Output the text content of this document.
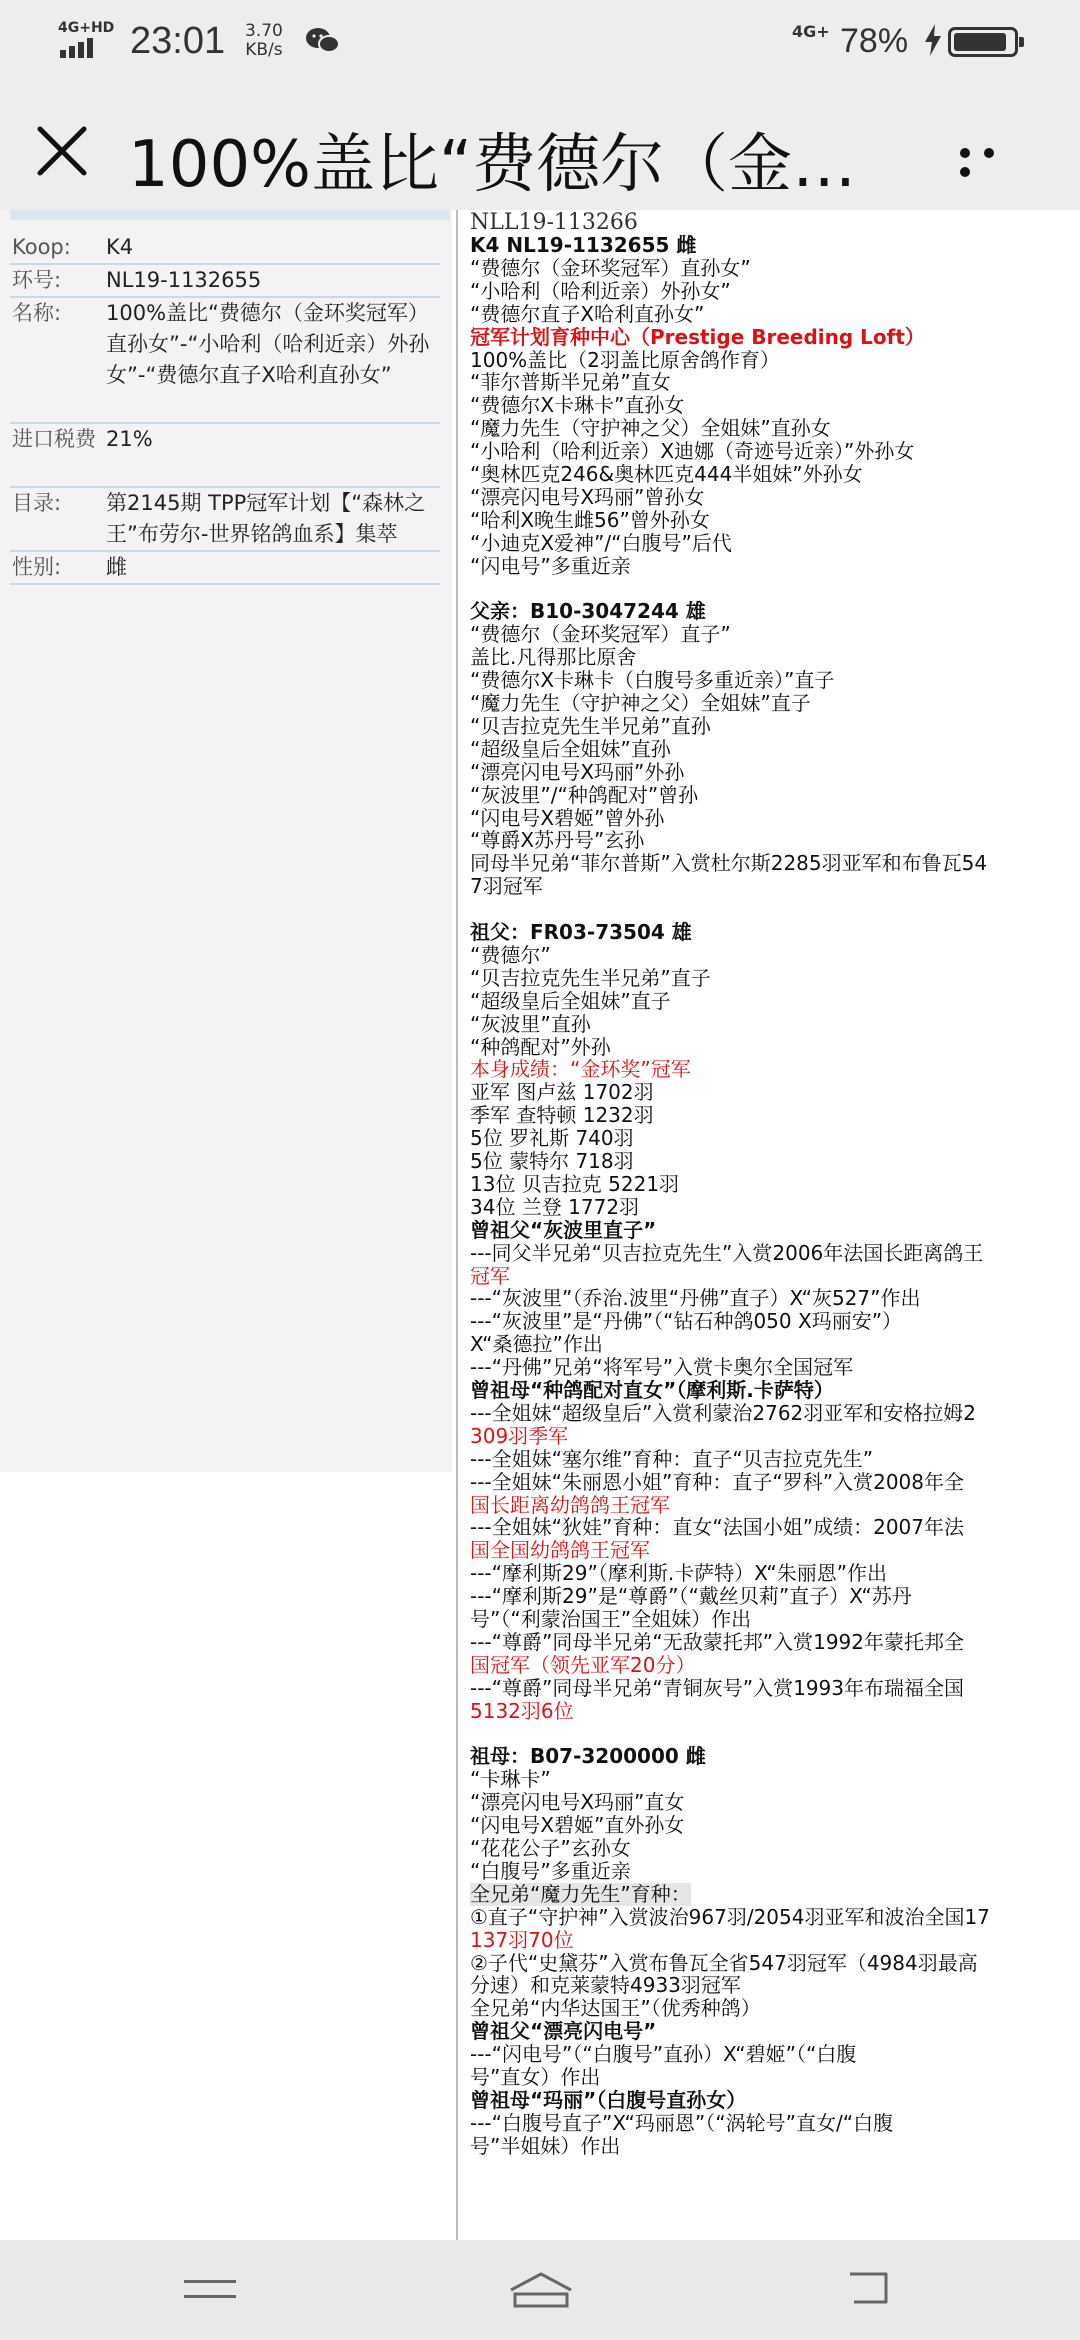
4G+HD 23:01 3.70
KB/s
4G+ 78%
100%盖比“费德尔（金…
Koop:	K4
环号:	NL19-1132655
名称:	100%盖比“费德尔（金环奖冠军）直孙女”-“小哈利（哈利近亲）外孙女”-“费德尔直子X哈利直孙女”
进口税费 21%
目录:	第2145期 TPP冠军计划【“森林之王”布劳尔-世界铭鸽血系】集萃
性别:	雌
NLL19-113266
K4 NL19-1132655 雌
“费德尔（金环奖冠军）直孙女”
“小哈利（哈利近亲）外孙女”
“费德尔直子X哈利直孙女”
冠军计划育种中心（Prestige Breeding Loft）
100%盖比（2羽盖比原舍鸽作育）
“菲尔普斯半兄弟”直女
“费德尔X卡琳卡”直孙女
“魔力先生（守护神之父）全姐妹”直孙女
“小哈利（哈利近亲）X迪娜（奇迹号近亲）”外孙女
“奥林匹克246&奥林匹克444半姐妹”外孙女
“漂亮闪电号X玛丽”曾孙女
“哈利X晚生雌56”曾外孙女
“小迪克X爱神”/“白腹号”后代
“闪电号”多重近亲
父亲：B10-3047244 雄
“费德尔（金环奖冠军）直子”
盖比.凡得那比原舍
“费德尔X卡琳卡（白腹号多重近亲）”直子
“魔力先生（守护神之父）全姐妹”直子
“贝吉拉克先生半兄弟”直孙
“超级皇后全姐妹”直孙
“漂亮闪电号X玛丽”外孙
“灰波里”/“种鸽配对”曾孙
“闪电号X碧姬”曾外孙
“尊爵X苏丹号”玄孙
同母半兄弟“菲尔普斯”入赏杜尔斯2285羽亚军和布鲁瓦54
7羽冠军
祖父：FR03-73504 雄
“费德尔”
“贝吉拉克先生半兄弟”直子
“超级皇后全姐妹”直子
“灰波里”直孙
“种鸽配对”外孙
本身成绩：“金环奖”冠军
亚军 图卢兹 1702羽
季军 查特顿 1232羽
5位 罗礼斯 740羽
5位 蒙特尔 718羽
13位 贝吉拉克 5221羽
34位 兰登 1772羽
曾祖父“灰波里直子”
---同父半兄弟“贝吉拉克先生”入赏2006年法国长距离鸽王
冠军
---“灰波里”（乔治.波里“丹佛”直子）X“灰527”作出
---“灰波里”是“丹佛”（“钻石种鸽050 X玛丽安”）
X“桑德拉”作出
---“丹佛”兄弟“将军号”入赏卡奥尔全国冠军
曾祖母“种鸽配对直女”（摩利斯.卡萨特）
---全姐妹“超级皇后”入赏利蒙治2762羽亚军和安格拉姆2
309羽季军
---全姐妹“塞尔维”育种：直子“贝吉拉克先生”
---全姐妹“朱丽恩小姐”育种：直子“罗科”入赏2008年全
国长距离幼鸽鸽王冠军
---全姐妹“狄娃”育种：直女“法国小姐”成绩：2007年法
国全国幼鸽鸽王冠军
---“摩利斯29”（摩利斯.卡萨特）X“朱丽恩”作出
---“摩利斯29”是“尊爵”（“戴丝贝莉”直子）X“苏丹
号”（“利蒙治国王”全姐妹）作出
---“尊爵”同母半兄弟“无敌蒙托邦”入赏1992年蒙托邦全
国冠军（领先亚军20分）
---“尊爵”同母半兄弟“青铜灰号”入赏1993年布瑞福全国
5132羽6位
祖母：B07-3200000 雌
“卡琳卡”
“漂亮闪电号X玛丽”直女
“闪电号X碧姬”直外孙女
“花花公子”玄孙女
“白腹号”多重近亲
全兄弟“魔力先生”育种：
①直子“守护神”入赏波治967羽/2054羽亚军和波治全国17
137羽70位
②子代“史黛芬”入赏布鲁瓦全省547羽冠军（4984羽最高
分速）和克莱蒙特4933羽冠军
全兄弟“内华达国王”（优秀种鸽）
曾祖父“漂亮闪电号”
---“闪电号”（“白腹号”直孙）X“碧姬”（“白腹
号”直女）作出
曾祖母“玛丽”（白腹号直孙女）
---“白腹号直子”X“玛丽恩”（“涡轮号”直女/“白腹
号”半姐妹）作出
